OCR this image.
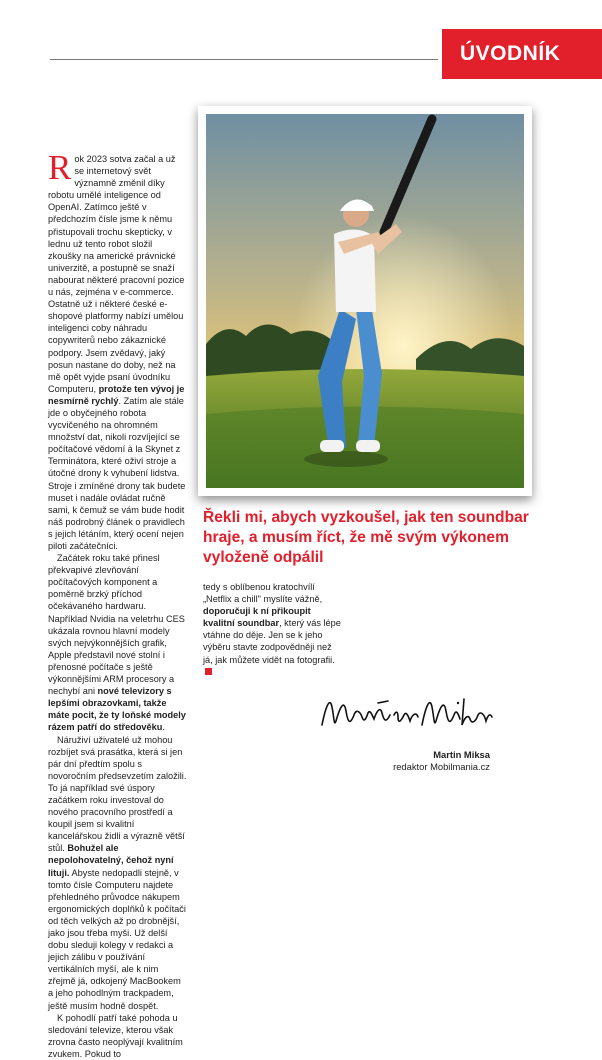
ÚVODNÍK
R ok 2023 sotva začal a už se internetový svět významně změnil díky robotu umělé inteligence od OpenAI. Zatímco ještě v předchozím čísle jsme k němu přistupovali trochu skepticky, v lednu už tento robot složil zkoušky na americké právnické univerzitě, a postupně se snaží nabourat některé pracovní pozice u nás, zejména v e-commerce. Ostatně už i některé české e-shopové platformy nabízí umělou inteligenci coby náhradu copywriterů nebo zákaznické podpory. Jsem zvědavý, jaký posun nastane do doby, než na mě opět vyjde psaní úvodníku Computeru, protože ten vývoj je nesmírně rychlý. Zatím ale stále jde o obyčejného robota vycvičeného na ohromném množství dat, nikoli rozvíjející se počítačové vědomí à la Skynet z Terminátora, které oživí stroje a útočné drony k vyhubení lidstva. Stroje i zmíněné drony tak budete muset i nadále ovládat ručně sami, k čemuž se vám bude hodit náš podrobný článek o pravidlech s jejich létáním, který ocení nejen piloti začátečníci.

Začátek roku také přinesl překvapivé zlevňování počítačových komponent a poměrně brzký příchod očekávaného hardwaru. Například Nvidia na veletrhu CES ukázala rovnou hlavní modely svých nejvýkonnějších grafik, Apple představil nové stolní i přenosné počítače s ještě výkonnějšími ARM procesory a nechybí ani nové televizory s lepšími obrazovkami, takže máte pocit, že ty loňské modely rázem patří do středověku.

Náruživí uživatelé už mohou rozbíjet svá prasátka, která si jen pár dní předtím spolu s novoročním předsevzetím založili. To já například své úspory začátkem roku investoval do nového pracovního prostředí a koupil jsem si kvalitní kancelářskou židli a výrazně větší stůl. Bohužel ale nepolohovatelný, čehož nyní lituji. Abyste nedopadli stejně, v tomto čísle Computeru najdete přehledného průvodce nákupem ergonomických doplňků k počítači od těch velkých až po drobnější, jako jsou třeba myši. Už delší dobu sleduji kolegy v redakci a jejich zálibu v používání vertikálních myší, ale k nim zřejmě já, odkojený MacBookem a jeho pohodlným trackpadem, ještě musím hodně dospět.

K pohodlí patří také pohoda u sledování televize, kterou však zrovna často neoplývají kvalitním zvukem. Pokud to

Řekli mi, abych vyzkoušel, jak ten soundbar hraje, a musím říct, že mě svým výkonem vyloženě odpálil

tedy s oblíbenou kratochvílí „Netflix a chill" myslíte vážně, doporučuji k ní přikoupit kvalitní soundbar, který vás lépe vtáhne do děje. Jen se k jeho výběru stavte zodpovědněji než já, jak můžete vidět na fotografii.

Martin Miksa
redaktor Mobilmania.cz
